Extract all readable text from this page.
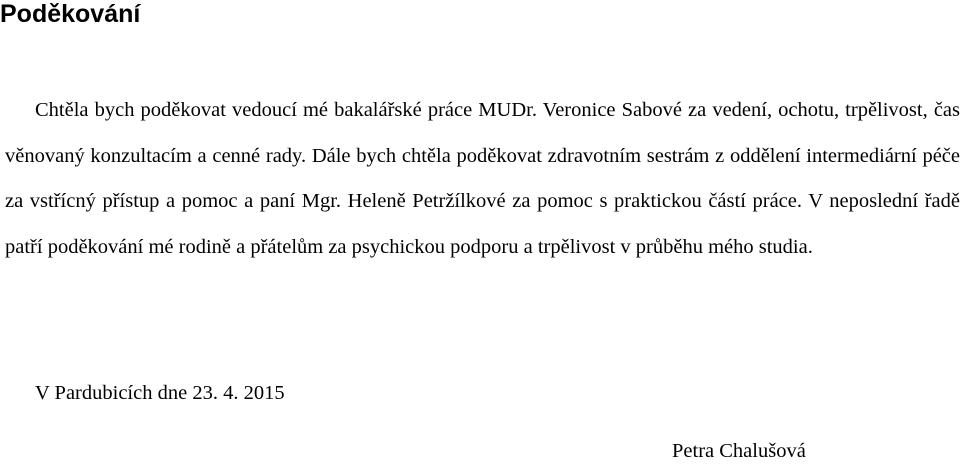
Poděkování

Chtěla bych poděkovat vedoucí mé bakalářské práce MUDr. Veronice Sabové za vedení, ochotu, trpělivost, čas věnovaný konzultacím a cenné rady. Dále bych chtěla poděkovat zdravotním sestrám z oddělení intermediární péče za vstřícný přístup a pomoc a paní Mgr. Heleně Petržílkové za pomoc s praktickou částí práce. V neposlední řadě patří poděkování mé rodině a přátelům za psychickou podporu a trpělivost v průběhu mého studia.

V Pardubicích dne 23. 4. 2015
Petra Chalušová
